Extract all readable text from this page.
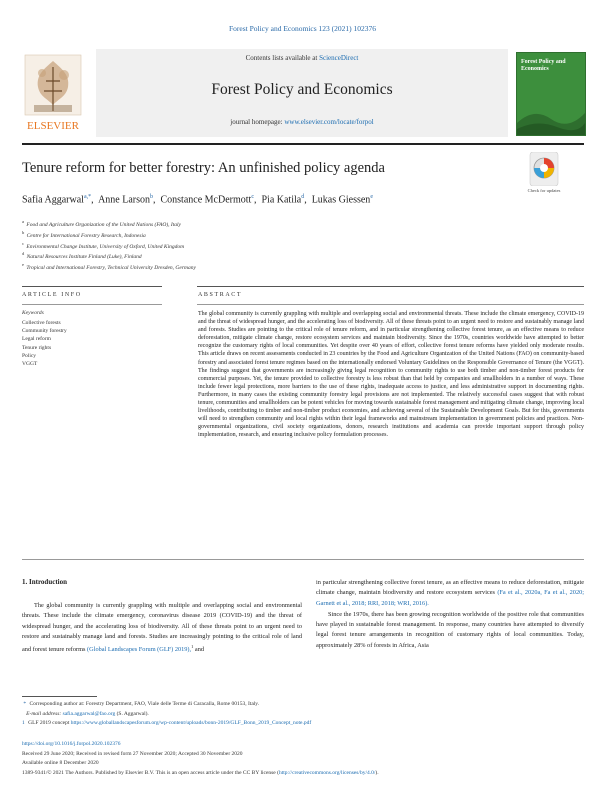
Forest Policy and Economics 123 (2021) 102376
ELSEVIER
Contents lists available at ScienceDirect
Forest Policy and Economics
journal homepage: www.elsevier.com/locate/forpol
Forest Policy and Economics
Tenure reform for better forestry: An unfinished policy agenda
Check for updates
Safia Aggarwal$^{a,*}$,  Anne Larson$^b$,  Constance McDermott$^c$,  Pia Katila$^d$,  Lukas Giessen$^e$
$^a$ Food and Agriculture Organization of the United Nations (FAO), Italy
$^b$ Centre for International Forestry Research, Indonesia
$^c$ Environmental Change Institute, University of Oxford, United Kingdom
$^d$ Natural Resources Institute Finland (Luke), Finland
$^e$ Tropical and International Forestry, Technical University Dresden, Germany
ARTICLE INFO	ABSTRACT
Keywords
Collective forests
Community forestry
Legal reform
Tenure rights
Policy
VGGT
The global community is currently grappling with multiple and overlapping social and environmental threats. These include the climate emergency, COVID-19 and the threat of widespread hunger, and the accelerating loss of biodiversity. All of these threats point to an urgent need to restore and sustainably manage land and forests. Studies are pointing to the critical role of tenure reform, and in particular strengthening collective forest tenure, as an effective means to reduce deforestation, mitigate climate change, restore ecosystem services and maintain biodiversity. Since the 1970s, countries worldwide have attempted to better recognize the customary rights of local communities. Yet despite over 40 years of effort, collective forest tenure reforms have yielded only moderate results. This article draws on recent assessments conducted in 23 countries by the Food and Agriculture Organization of the United Nations (FAO) on community-based forestry and associated forest tenure regimes based on the internationally endorsed Voluntary Guidelines on the Responsible Governance of Tenure (the VGGT). The findings suggest that governments are increasingly giving legal recognition to community rights to use both timber and non-timber forest products for commercial purposes. Yet, the tenure provided to collective forestry is less robust than that held by companies and smallholders in a number of ways. These include fewer legal protections, more barriers to the use of these rights, inadequate access to justice, and less administrative support in documenting rights. Furthermore, in many cases the existing community forestry legal provisions are not implemented. The relatively successful cases suggest that with robust tenure, communities and smallholders can be potent vehicles for moving towards sustainable forest management and mitigating climate change, improving local livelihoods, contributing to timber and non-timber product economies, and achieving several of the Sustainable Development Goals. But for this, governments will need to strengthen community and local rights within their legal frameworks and mainstream implementation in government policies and practices. Non-governmental organizations, civil society organizations, donors, research institutions and academia can provide important support through policy implementation, research, and ensuring inclusive policy formulation processes.
1. Introduction
The global community is currently grappling with multiple and overlapping social and environmental threats. These include the climate emergency, coronavirus disease 2019 (COVID-19) and the threat of widespread hunger, and the accelerating loss of biodiversity. All of these threats point to an urgent need to restore and sustainably manage land and forests. Studies are increasingly pointing to the critical role of land and forest tenure reforms (Global Landscapes Forum (GLF) 2019),$^1$ and

in particular strengthening collective forest tenure, as an effective means to reduce deforestation, mitigate climate change, maintain biodiversity and restore ecosystem services (Fa et al., 2020a, Fa et al., 2020; Garnett et al., 2018; RRI, 2018; WRI, 2016).

Since the 1970s, there has been growing recognition worldwide of the positive role that communities have played in sustainable forest management. In response, many countries have attempted to diversify legal forest tenure arrangements in recognition of customary rights of local communities. Today, approximately 28% of forests in Africa, Asia

* Corresponding author at: Forestry Department, FAO, Viale delle Terme di Caracalla, Rome 00153, Italy.
E-mail address: safia.aggarwal@fao.org (S. Aggarwal).
1 GLF 2019 concept https://www.globallandscapesforum.org/wp-content/uploads/bonn-2019/GLF_Bonn_2019_Concept_note.pdf
https://doi.org/10.1016/j.forpol.2020.102376
Received 29 June 2020; Received in revised form 27 November 2020; Accepted 30 November 2020
Available online 8 December 2020
1389-9341/© 2021 The Authors. Published by Elsevier B.V. This is an open access article under the CC BY license (http://creativecommons.org/licenses/by/4.0/).
